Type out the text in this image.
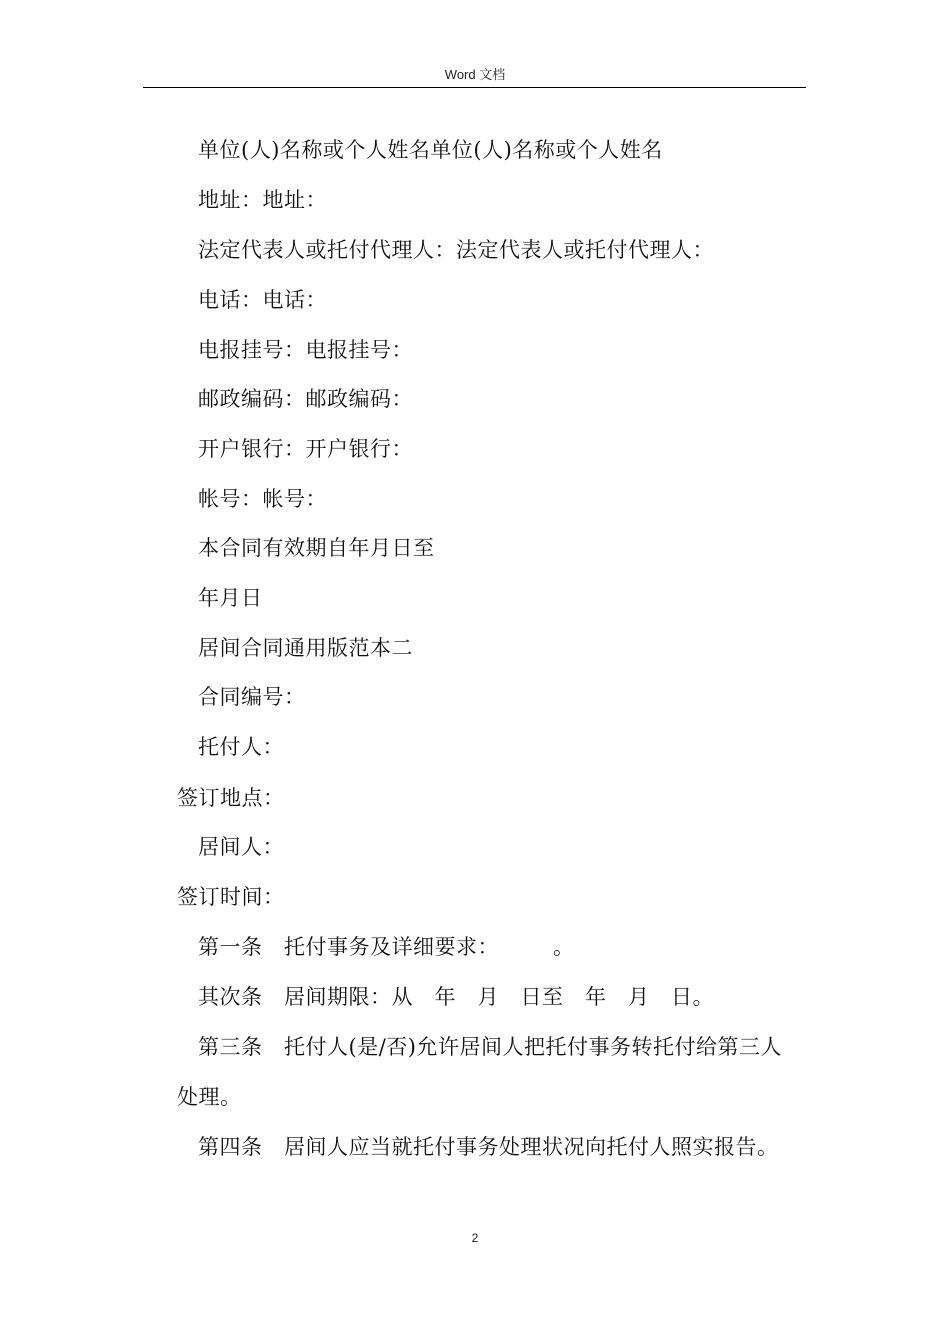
Word 文档
单位(人)名称或个人姓名单位(人)名称或个人姓名
地址：地址：
法定代表人或托付代理人：法定代表人或托付代理人：
电话：电话：
电报挂号：电报挂号：
邮政编码：邮政编码：
开户银行：开户银行：
帐号：帐号：
本合同有效期自年月日至
年月日
居间合同通用版范本二
合同编号：
托付人：
签订地点：
居间人：
签订时间：
第一条　托付事务及详细要求：　　　。
其次条　居间期限：从　年　月　日至　年　月　日。
第三条　托付人(是/否)允许居间人把托付事务转托付给第三人
处理。
第四条　居间人应当就托付事务处理状况向托付人照实报告。
2
